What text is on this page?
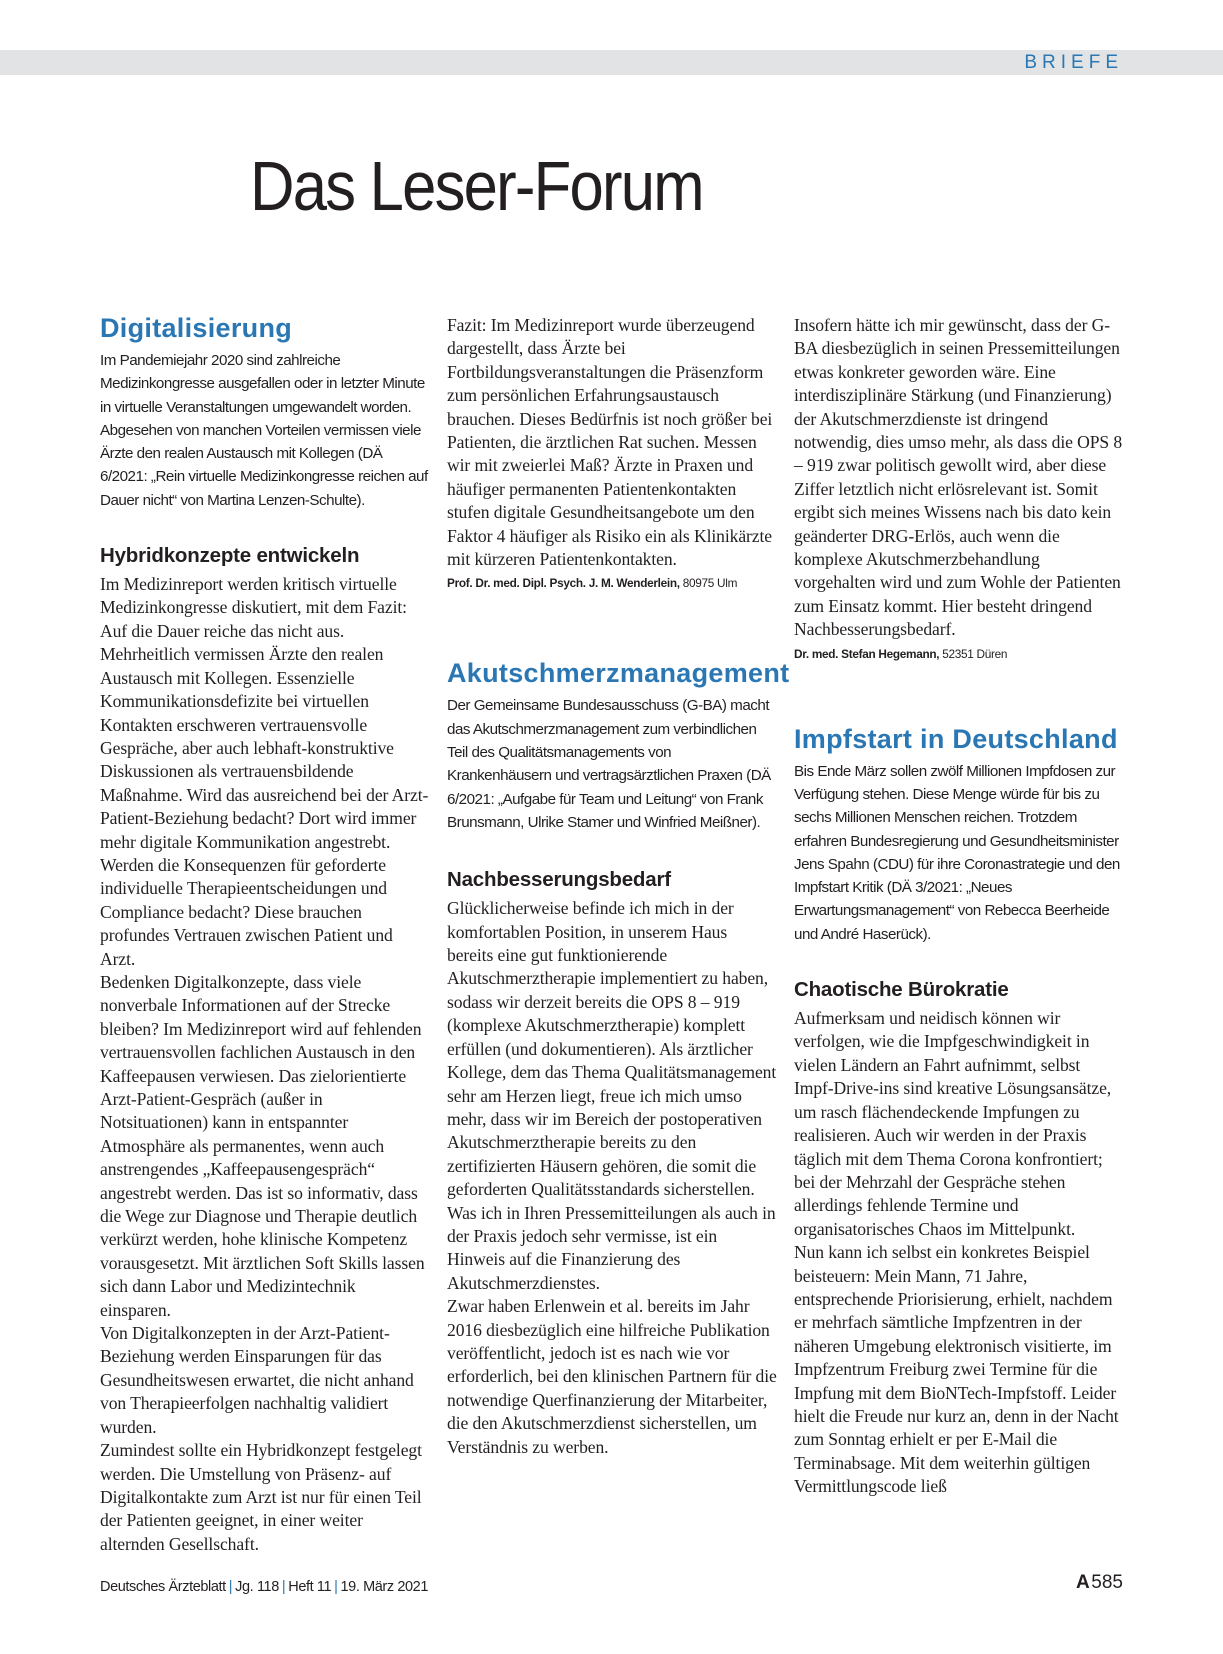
BRIEFE
Das Leser-Forum
Digitalisierung

Im Pandemiejahr 2020 sind zahlreiche Medizinkongresse ausgefallen oder in letzter Minute in virtuelle Veranstaltungen umgewandelt worden. Abgesehen von manchen Vorteilen vermissen viele Ärzte den realen Austausch mit Kollegen (DÄ 6/2021: „Rein virtuelle Medizinkongresse reichen auf Dauer nicht“ von Martina Lenzen-Schulte).

Hybridkonzepte entwickeln

Im Medizinreport werden kritisch virtuelle Medizinkongresse diskutiert, mit dem Fazit: Auf die Dauer reiche das nicht aus. Mehrheitlich vermissen Ärzte den realen Austausch mit Kollegen. Essenzielle Kommunikationsdefizite bei virtuellen Kontakten erschweren vertrauensvolle Gespräche, aber auch lebhaft-konstruktive Diskussionen als vertrauensbildende Maßnahme. Wird das ausreichend bei der Arzt-Patient-Beziehung bedacht? Dort wird immer mehr digitale Kommunikation angestrebt. Werden die Konsequenzen für geforderte individuelle Therapieentscheidungen und Compliance bedacht? Diese brauchen profundes Vertrauen zwischen Patient und Arzt.
Bedenken Digitalkonzepte, dass viele nonverbale Informationen auf der Strecke bleiben? Im Medizinreport wird auf fehlenden vertrauensvollen fachlichen Austausch in den Kaffeepausen verwiesen. Das zielorientierte Arzt-Patient-Gespräch (außer in Notsituationen) kann in entspannter Atmosphäre als permanentes, wenn auch anstrengendes „Kaffeepausengespräch“ angestrebt werden. Das ist so informativ, dass die Wege zur Diagnose und Therapie deutlich verkürzt werden, hohe klinische Kompetenz vorausgesetzt. Mit ärztlichen Soft Skills lassen sich dann Labor und Medizintechnik einsparen.
Von Digitalkonzepten in der Arzt-Patient-Beziehung werden Einsparungen für das Gesundheitswesen erwartet, die nicht anhand von Therapieerfolgen nachhaltig validiert wurden.
Zumindest sollte ein Hybridkonzept festgelegt werden. Die Umstellung von Präsenz- auf Digitalkontakte zum Arzt ist nur für einen Teil der Patienten geeignet, in einer weiter alternden Gesellschaft.

Fazit: Im Medizinreport wurde überzeugend dargestellt, dass Ärzte bei Fortbildungsveranstaltungen die Präsenzform zum persönlichen Erfahrungsaustausch brauchen. Dieses Bedürfnis ist noch größer bei Patienten, die ärztlichen Rat suchen. Messen wir mit zweierlei Maß? Ärzte in Praxen und häufiger permanenten Patientenkontakten stufen digitale Gesundheitsangebote um den Faktor 4 häufiger als Risiko ein als Klinikärzte mit kürzeren Patientenkontakten.

Prof. Dr. med. Dipl. Psych. J. M. Wenderlein, 80975 Ulm

Akutschmerzmanagement

Der Gemeinsame Bundesausschuss (G-BA) macht das Akutschmerzmanagement zum verbindlichen Teil des Qualitätsmanagements von Krankenhäusern und vertragsärztlichen Praxen (DÄ 6/2021: „Aufgabe für Team und Leitung“ von Frank Brunsmann, Ulrike Stamer und Winfried Meißner).

Nachbesserungsbedarf

Glücklicherweise befinde ich mich in der komfortablen Position, in unserem Haus bereits eine gut funktionierende Akutschmerztherapie implementiert zu haben, sodass wir derzeit bereits die OPS 8 – 919 (komplexe Akutschmerztherapie) komplett erfüllen (und dokumentieren). Als ärztlicher Kollege, dem das Thema Qualitätsmanagement sehr am Herzen liegt, freue ich mich umso mehr, dass wir im Bereich der postoperativen Akutschmerztherapie bereits zu den zertifizierten Häusern gehören, die somit die geforderten Qualitätsstandards sicherstellen.
Was ich in Ihren Pressemitteilungen als auch in der Praxis jedoch sehr vermisse, ist ein Hinweis auf die Finanzierung des Akutschmerzdienstes.
Zwar haben Erlenwein et al. bereits im Jahr 2016 diesbezüglich eine hilfreiche Publikation veröffentlicht, jedoch ist es nach wie vor erforderlich, bei den klinischen Partnern für die notwendige Querfinanzierung der Mitarbeiter, die den Akutschmerzdienst sicherstellen, um Verständnis zu werben.

Insofern hätte ich mir gewünscht, dass der G-BA diesbezüglich in seinen Pressemitteilungen etwas konkreter geworden wäre. Eine interdisziplinäre Stärkung (und Finanzierung) der Akutschmerzdienste ist dringend notwendig, dies umso mehr, als dass die OPS 8 – 919 zwar politisch gewollt wird, aber diese Ziffer letztlich nicht erlösrelevant ist. Somit ergibt sich meines Wissens nach bis dato kein geänderter DRG-Erlös, auch wenn die komplexe Akutschmerzbehandlung vorgehalten wird und zum Wohle der Patienten zum Einsatz kommt. Hier besteht dringend Nachbesserungsbedarf.

Dr. med. Stefan Hegemann, 52351 Düren

Impfstart in Deutschland

Bis Ende März sollen zwölf Millionen Impfdosen zur Verfügung stehen. Diese Menge würde für bis zu sechs Millionen Menschen reichen. Trotzdem erfahren Bundesregierung und Gesundheitsminister Jens Spahn (CDU) für ihre Coronastrategie und den Impfstart Kritik (DÄ 3/2021: „Neues Erwartungsmanagement“ von Rebecca Beerheide und André Haserück).

Chaotische Bürokratie

Aufmerksam und neidisch können wir verfolgen, wie die Impfgeschwindigkeit in vielen Ländern an Fahrt aufnimmt, selbst Impf-Drive-ins sind kreative Lösungsansätze, um rasch flächendeckende Impfungen zu realisieren. Auch wir werden in der Praxis täglich mit dem Thema Corona konfrontiert; bei der Mehrzahl der Gespräche stehen allerdings fehlende Termine und organisatorisches Chaos im Mittelpunkt.
Nun kann ich selbst ein konkretes Beispiel beisteuern: Mein Mann, 71 Jahre, entsprechende Priorisierung, erhielt, nachdem er mehrfach sämtliche Impfzentren in der näheren Umgebung elektronisch visitierte, im Impfzentrum Freiburg zwei Termine für die Impfung mit dem BioNTech-Impfstoff. Leider hielt die Freude nur kurz an, denn in der Nacht zum Sonntag erhielt er per E-Mail die Terminabsage. Mit dem weiterhin gültigen Vermittlungscode ließ

Deutsches Ärzteblatt | Jg. 118 | Heft 11 | 19. März 2021	A 585
